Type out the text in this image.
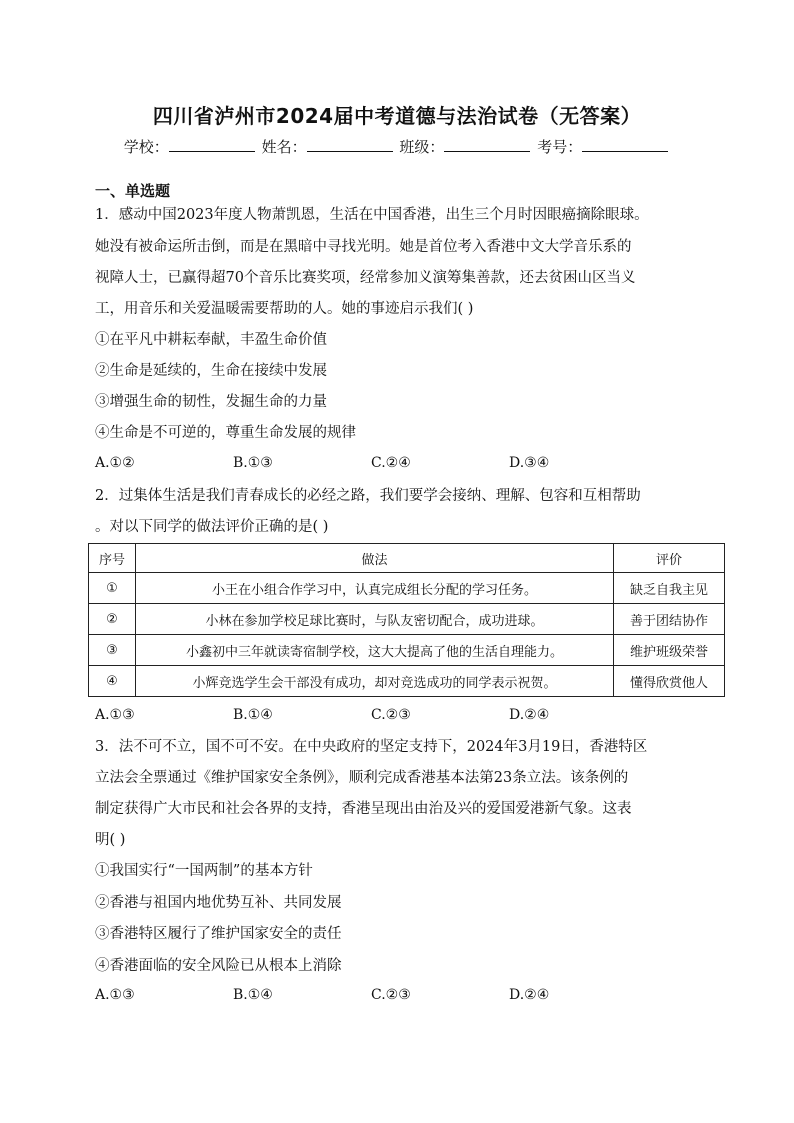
四川省泸州市2024届中考道德与法治试卷（无答案）
学校：	姓名：	班级：	考号：
一、单选题
1．感动中国2023年度人物萧凯恩，生活在中国香港，出生三个月时因眼癌摘除眼球。
她没有被命运所击倒，而是在黑暗中寻找光明。她是首位考入香港中文大学音乐系的
视障人士，已赢得超70个音乐比赛奖项，经常参加义演筹集善款，还去贫困山区当义
工，用音乐和关爱温暖需要帮助的人。她的事迹启示我们( )
①在平凡中耕耘奉献，丰盈生命价值
②生命是延续的，生命在接续中发展
③增强生命的韧性，发掘生命的力量
④生命是不可逆的，尊重生命发展的规律
A.①②	B.①③	C.②④	D.③④
2．过集体生活是我们青春成长的必经之路，我们要学会接纳、理解、包容和互相帮助
。对以下同学的做法评价正确的是( )
序号	做法	评价
①	小王在小组合作学习中，认真完成组长分配的学习任务。	缺乏自我主见
②	小林在参加学校足球比赛时，与队友密切配合，成功进球。	善于团结协作
③	小鑫初中三年就读寄宿制学校，这大大提高了他的生活自理能力。	维护班级荣誉
④	小辉竞选学生会干部没有成功，却对竞选成功的同学表示祝贺。	懂得欣赏他人
A.①③	B.①④	C.②③	D.②④
3．法不可不立，国不可不安。在中央政府的坚定支持下，2024年3月19日，香港特区
立法会全票通过《维护国家安全条例》，顺利完成香港基本法第23条立法。该条例的
制定获得广大市民和社会各界的支持，香港呈现出由治及兴的爱国爱港新气象。这表
明( )
①我国实行“一国两制”的基本方针
②香港与祖国内地优势互补、共同发展
③香港特区履行了维护国家安全的责任
④香港面临的安全风险已从根本上消除
A.①③	B.①④	C.②③	D.②④
